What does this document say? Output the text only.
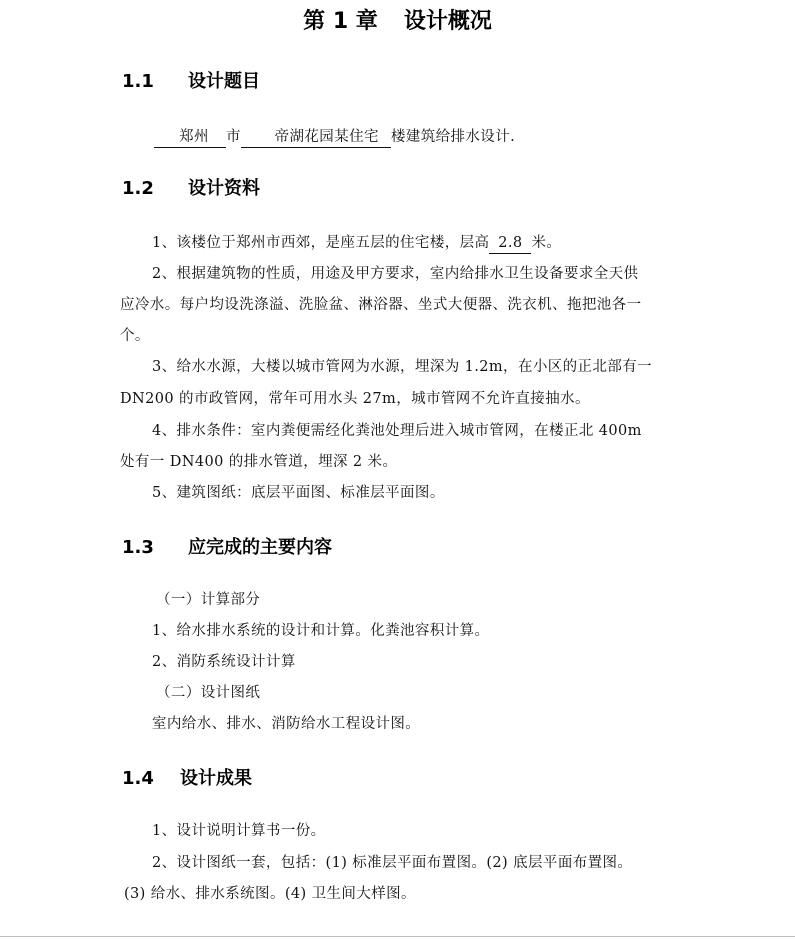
第 1 章 设计概况
1.1 设计题目
郑州 市 帝湖花园某住宅 楼建筑给排水设计.
1.2 设计资料
1、该楼位于郑州市西郊，是座五层的住宅楼，层高 2.8 米。
2、根据建筑物的性质，用途及甲方要求，室内给排水卫生设备要求全天供
应冷水。每户均设洗涤溢、洗脸盆、淋浴器、坐式大便器、洗衣机、拖把池各一
个。
3、给水水源，大楼以城市管网为水源，埋深为 1.2m，在小区的正北部有一
DN200 的市政管网，常年可用水头 27m，城市管网不允许直接抽水。
4、排水条件：室内粪便需经化粪池处理后进入城市管网，在楼正北 400m
处有一 DN400 的排水管道，埋深 2 米。
5、建筑图纸：底层平面图、标准层平面图。
1.3 应完成的主要内容
（一）计算部分
1、给水排水系统的设计和计算。化粪池容积计算。
2、消防系统设计计算
（二）设计图纸
室内给水、排水、消防给水工程设计图。
1.4 设计成果
1、设计说明计算书一份。
2、设计图纸一套，包括：(1) 标准层平面布置图。(2) 底层平面布置图。
(3) 给水、排水系统图。(4) 卫生间大样图。
